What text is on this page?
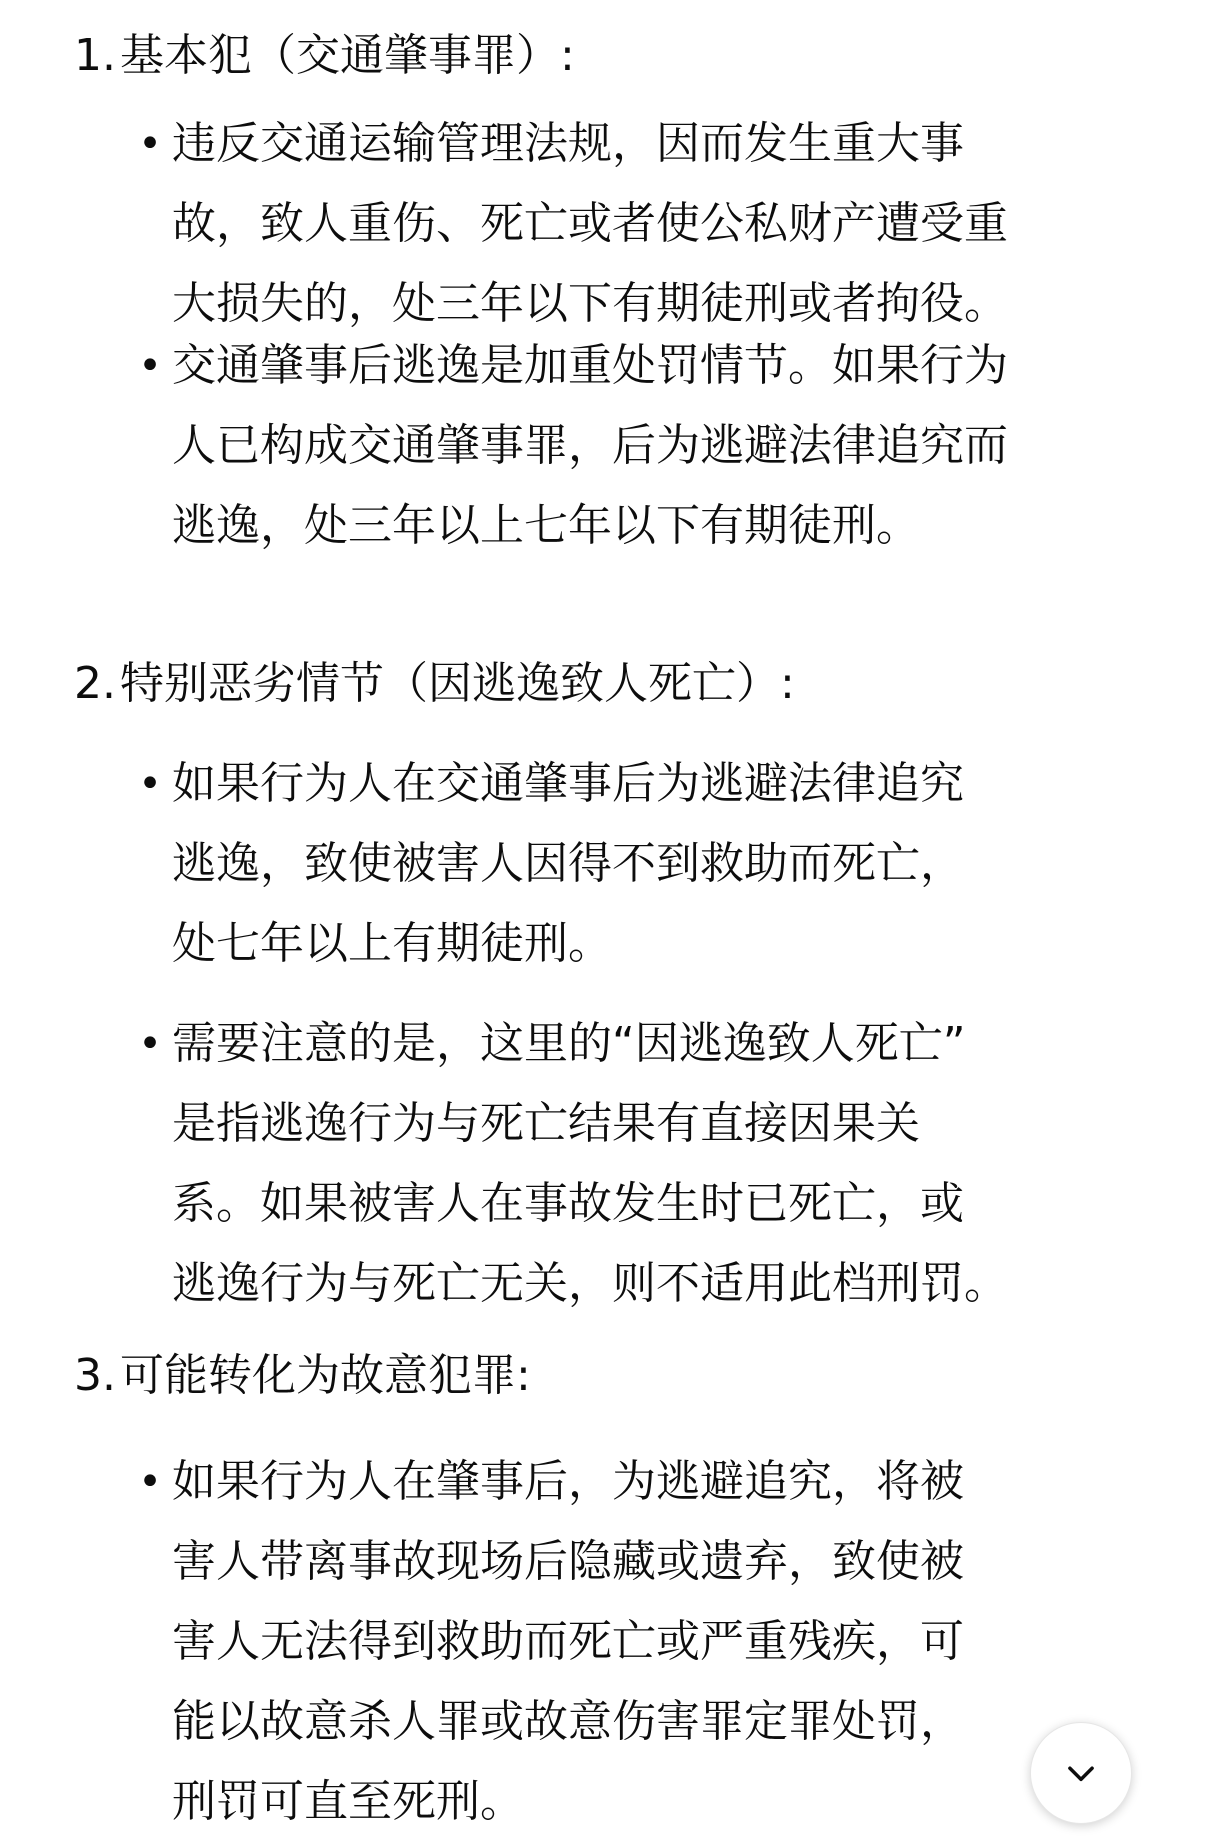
1.基本犯（交通肇事罪）:
• 违反交通运输管理法规，因而发生重大事
故，致人重伤、死亡或者使公私财产遭受重
大损失的，处三年以下有期徒刑或者拘役。
• 交通肇事后逃逸是加重处罚情节。如果行为
人已构成交通肇事罪，后为逃避法律追究而
逃逸，处三年以上七年以下有期徒刑。
2.特别恶劣情节（因逃逸致人死亡）:
• 如果行为人在交通肇事后为逃避法律追究
逃逸，致使被害人因得不到救助而死亡，
处七年以上有期徒刑。
• 需要注意的是，这里的“因逃逸致人死亡”
是指逃逸行为与死亡结果有直接因果关
系。如果被害人在事故发生时已死亡，或
逃逸行为与死亡无关，则不适用此档刑罚。
3.可能转化为故意犯罪:
• 如果行为人在肇事后，为逃避追究，将被
害人带离事故现场后隐藏或遗弃，致使被
害人无法得到救助而死亡或严重残疾，可
能以故意杀人罪或故意伤害罪定罪处罚，
刑罚可直至死刑。
